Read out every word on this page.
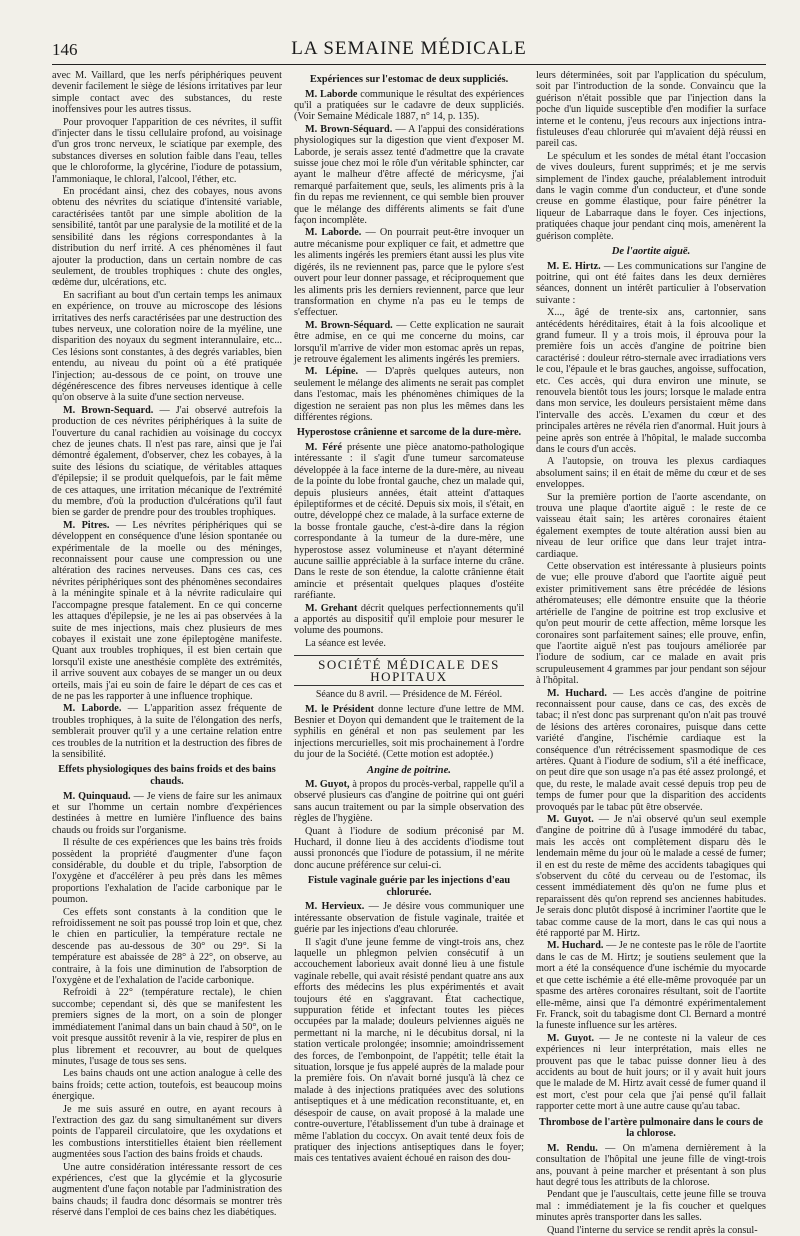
146	LA SEMAINE MÉDICALE

avec M. Vaillard, que les nerfs périphériques peuvent devenir facilement le siège de lésions irritatives par leur simple contact avec des substances, du reste inoffensives pour les autres tissus.

Pour provoquer l'apparition de ces névrites, il suffit d'injecter dans le tissu cellulaire profond, au voisinage d'un gros tronc nerveux, le sciatique par exemple, des substances diverses en solution faible dans l'eau, telles que le chloroforme, la glycérine, l'iodure de potassium, l'ammoniaque, le chloral, l'alcool, l'éther, etc.

En procédant ainsi, chez des cobayes, nous avons obtenu des névrites du sciatique d'intensité variable, caractérisées tantôt par une simple abolition de la sensibilité, tantôt par une paralysie de la motilité et de la sensibilité dans les régions correspondantes à la distribution du nerf irrité. A ces phénomènes il faut ajouter la production, dans un certain nombre de cas seulement, de troubles trophiques : chute des ongles, œdème dur, ulcérations, etc.

En sacrifiant au bout d'un certain temps les animaux en expérience, on trouve au microscope des lésions irritatives des nerfs caractérisées par une destruction des tubes nerveux, une coloration noire de la myéline, une disparition des noyaux du segment interannulaire, etc... Ces lésions sont constantes, à des degrés variables, bien entendu, au niveau du point où a été pratiquée l'injection; au-dessous de ce point, on trouve une dégénérescence des fibres nerveuses identique à celle qu'on observe à la suite d'une section nerveuse.

M. Brown-Sequard. — J'ai observé autrefois la production de ces névrites périphériques à la suite de l'ouverture du canal rachidien au voisinage du coccyx chez de jeunes chats. Il n'est pas rare, ainsi que je l'ai démontré également, d'observer, chez les cobayes, à la suite des lésions du sciatique, de véritables attaques d'épilepsie; il se produit quelquefois, par le fait même de ces attaques, une irritation mécanique de l'extrémité du membre, d'où la production d'ulcérations qu'il faut bien se garder de prendre pour des troubles trophiques.

M. Pitres. — Les névrites périphériques qui se développent en conséquence d'une lésion spontanée ou expérimentale de la moelle ou des méninges, reconnaissent pour cause une compression ou une altération des racines nerveuses. Dans ces cas, ces névrites périphériques sont des phénomènes secondaires à la méningite spinale et à la névrite radiculaire qui l'accompagne presque fatalement. En ce qui concerne les attaques d'épilepsie, je ne les ai pas observées à la suite de mes injections, mais chez plusieurs de mes cobayes il existait une zone épileptogène manifeste. Quant aux troubles trophiques, il est bien certain que lorsqu'il existe une anesthésie complète des extrémités, il arrive souvent aux cobayes de se manger un ou deux orteils, mais j'ai eu soin de faire le départ de ces cas et de ne pas les rapporter à une influence trophique.

M. Laborde. — L'apparition assez fréquente de troubles trophiques, à la suite de l'élongation des nerfs, semblerait prouver qu'il y a une certaine relation entre ces troubles de la nutrition et la destruction des fibres de la sensibilité.

Effets physiologiques des bains froids et des bains chauds.

M. Quinquaud. — Je viens de faire sur les animaux et sur l'homme un certain nombre d'expériences destinées à mettre en lumière l'influence des bains chauds ou froids sur l'organisme.

Il résulte de ces expériences que les bains très froids possèdent la propriété d'augmenter d'une façon considérable, du double et du triple, l'absorption de l'oxygène et d'accélérer à peu près dans les mêmes proportions l'exhalation de l'acide carbonique par le poumon.

Ces effets sont constants à la condition que le refroidissement ne soit pas poussé trop loin et que, chez le chien en particulier, la température rectale ne descende pas au-dessous de 30° ou 29°. Si la température est abaissée de 28° à 22°, on observe, au contraire, à la fois une diminution de l'absorption de l'oxygène et de l'exhalation de l'acide carbonique.

Refroidi à 22° (température rectale), le chien succombe; cependant si, dès que se manifestent les premiers signes de la mort, on a soin de plonger immédiatement l'animal dans un bain chaud à 50°, on le voit presque aussitôt revenir à la vie, respirer de plus en plus librement et recouvrer, au bout de quelques minutes, l'usage de tous ses sens.

Les bains chauds ont une action analogue à celle des bains froids; cette action, toutefois, est beaucoup moins énergique.

Je me suis assuré en outre, en ayant recours à l'extraction des gaz du sang simultanément sur divers points de l'appareil circulatoire, que les oxydations et les combustions interstitielles étaient bien réellement augmentées sous l'action des bains froids et chauds.

Une autre considération intéressante ressort de ces expériences, c'est que la glycémie et la glycosurie augmentent d'une façon notable par l'administration des bains chauds; il faudra donc désormais se montrer très réservé dans l'emploi de ces bains chez les diabétiques.

Expériences sur l'estomac de deux suppliciés.

M. Laborde communique le résultat des expériences qu'il a pratiquées sur le cadavre de deux suppliciés. (Voir Semaine Médicale 1887, n° 14, p. 135).

M. Brown-Séquard. — A l'appui des considérations physiologiques sur la digestion que vient d'exposer M. Laborde, je serais assez tenté d'admettre que la cravate suisse joue chez moi le rôle d'un véritable sphincter, car ayant le malheur d'être affecté de méricysme, j'ai remarqué parfaitement que, seuls, les aliments pris à la fin du repas me reviennent, ce qui semble bien prouver que le mélange des différents aliments se fait d'une façon incomplète.

M. Laborde. — On pourrait peut-être invoquer un autre mécanisme pour expliquer ce fait, et admettre que les aliments ingérés les premiers étant aussi les plus vite digérés, ils ne reviennent pas, parce que le pylore s'est ouvert pour leur donner passage, et réciproquement que les aliments pris les derniers reviennent, parce que leur transformation en chyme n'a pas eu le temps de s'effectuer.

M. Brown-Séquard. — Cette explication ne saurait être admise, en ce qui me concerne du moins, car lorsqu'il m'arrive de vider mon estomac après un repas, je retrouve également les aliments ingérés les premiers.

M. Lépine. — D'après quelques auteurs, non seulement le mélange des aliments ne serait pas complet dans l'estomac, mais les phénomènes chimiques de la digestion ne seraient pas non plus les mêmes dans les différentes régions.

Hyperostose crânienne et sarcome de la dure-mère.

M. Féré présente une pièce anatomo-pathologique intéressante : il s'agit d'une tumeur sarcomateuse développée à la face interne de la dure-mère, au niveau de la pointe du lobe frontal gauche, chez un malade qui, depuis plusieurs années, était atteint d'attaques épileptiformes et de cécité. Depuis six mois, il s'était, en outre, développé chez ce malade, à la surface externe de la bosse frontale gauche, c'est-à-dire dans la région correspondante à la tumeur de la dure-mère, une hyperostose assez volumineuse et n'ayant déterminé aucune saillie appréciable à la surface interne du crâne. Dans le reste de son étendue, la calotte crânienne était amincie et présentait quelques plaques d'ostéite raréfiante.

M. Grehant décrit quelques perfectionnements qu'il a apportés au dispositif qu'il emploie pour mesurer le volume des poumons.

La séance est levée.

SOCIÉTÉ MÉDICALE DES HOPITAUX
Séance du 8 avril. — Présidence de M. Féréol.

M. le Président donne lecture d'une lettre de MM. Besnier et Doyon qui demandent que le traitement de la syphilis en général et non pas seulement par les injections mercurielles, soit mis prochainement à l'ordre du jour de la Société. (Cette motion est adoptée.)

Angine de poitrine.

M. Guyot, à propos du procès-verbal, rappelle qu'il a observé plusieurs cas d'angine de poitrine qui ont guéri sans aucun traitement ou par la simple observation des règles de l'hygiène.

Quant à l'iodure de sodium préconisé par M. Huchard, il donne lieu à des accidents d'iodisme tout aussi prononcés que l'iodure de potassium, il ne mérite donc aucune préférence sur celui-ci.

Fistule vaginale guérie par les injections d'eau chlorurée.

M. Hervieux. — Je désire vous communiquer une intéressante observation de fistule vaginale, traitée et guérie par les injections d'eau chlorurée.

Il s'agit d'une jeune femme de vingt-trois ans, chez laquelle un phlegmon pelvien consécutif à un accouchement laborieux avait donné lieu à une fistule vaginale rebelle, qui avait résisté pendant quatre ans aux efforts des médecins les plus expérimentés et avait toujours été en s'aggravant. État cachectique, suppuration fétide et infectant toutes les pièces occupées par la malade; douleurs pelviennes aiguës ne permettant ni la marche, ni le décubitus dorsal, ni la station verticale prolongée; insomnie; amoindrissement des forces, de l'embonpoint, de l'appétit; telle était la situation, lorsque je fus appelé auprès de la malade pour la première fois. On n'avait borné jusqu'à là chez ce malade à des injections pratiquées avec des solutions antiseptiques et à une médication reconstituante, et, en désespoir de cause, on avait proposé à la malade une contre-ouverture, l'établissement d'un tube à drainage et même l'ablation du coccyx. On avait tenté deux fois de pratiquer des injections antiseptiques dans le foyer; mais ces tentatives avaient échoué en raison des dou-

leurs déterminées, soit par l'application du spéculum, soit par l'introduction de la sonde. Convaincu que la guérison n'était possible que par l'injection dans la poche d'un liquide susceptible d'en modifier la surface interne et le contenu, j'eus recours aux injections intra-fistuleuses d'eau chlorurée qui m'avaient déjà réussi en pareil cas.

Le spéculum et les sondes de métal étant l'occasion de vives douleurs, furent supprimés; et je me servis simplement de l'index gauche, préalablement introduit dans le vagin comme d'un conducteur, et d'une sonde creuse en gomme élastique, pour faire pénétrer la liqueur de Labarraque dans le foyer. Ces injections, pratiquées chaque jour pendant cinq mois, amenèrent la guérison complète.

De l'aortite aiguë.

M. E. Hirtz. — Les communications sur l'angine de poitrine, qui ont été faites dans les deux dernières séances, donnent un intérêt particulier à l'observation suivante :

X..., âgé de trente-six ans, cartonnier, sans antécédents héréditaires, était à la fois alcoolique et grand fumeur. Il y a trois mois, il éprouva pour la première fois un accès d'angine de poitrine bien caractérisé : douleur rétro-sternale avec irradiations vers le cou, l'épaule et le bras gauches, angoisse, suffocation, etc. Ces accès, qui dura environ une minute, se renouvela bientôt tous les jours; lorsque le malade entra dans mon service, les douleurs persistaient même dans l'intervalle des accès. L'examen du cœur et des principales artères ne révéla rien d'anormal. Huit jours à peine après son entrée à l'hôpital, le malade succomba dans le cours d'un accès.

A l'autopsie, on trouva les plexus cardiaques absolument sains; il en était de même du cœur et de ses enveloppes.

Sur la première portion de l'aorte ascendante, on trouva une plaque d'aortite aiguë : le reste de ce vaisseau était sain; les artères coronaires étaient également exemptes de toute altération aussi bien au niveau de leur orifice que dans leur trajet intra-cardiaque.

Cette observation est intéressante à plusieurs points de vue; elle prouve d'abord que l'aortite aiguë peut exister primitivement sans être précédée de lésions athéromateuses; elle démontre ensuite que la théorie artérielle de l'angine de poitrine est trop exclusive et qu'on peut mourir de cette affection, même lorsque les coronaires sont parfaitement saines; elle prouve, enfin, que l'aortite aiguë n'est pas toujours améliorée par l'iodure de sodium, car ce malade en avait pris scrupuleusement 4 grammes par jour pendant son séjour à l'hôpital.

M. Huchard. — Les accès d'angine de poitrine reconnaissent pour cause, dans ce cas, des excès de tabac; il n'est donc pas surprenant qu'on n'ait pas trouvé de lésions des artères coronaires, puisque dans cette variété d'angine, l'ischémie cardiaque est la conséquence d'un rétrécissement spasmodique de ces artères. Quant à l'iodure de sodium, s'il a été inefficace, on peut dire que son usage n'a pas été assez prolongé, et que, du reste, le malade avait cessé depuis trop peu de temps de fumer pour que la disparition des accidents provoqués par le tabac pût être observée.

M. Guyot. — Je n'ai observé qu'un seul exemple d'angine de poitrine dû à l'usage immodéré du tabac, mais les accès ont complètement disparu dès le lendemain même du jour où le malade a cessé de fumer; il en est du reste de même des accidents tabagiques qui s'observent du côté du cerveau ou de l'estomac, ils cessent immédiatement dès qu'on ne fume plus et reparaissent dès qu'on reprend ses anciennes habitudes. Je serais donc plutôt disposé à incriminer l'aortite que le tabac comme cause de la mort, dans le cas qui nous a été rapporté par M. Hirtz.

M. Huchard. — Je ne conteste pas le rôle de l'aortite dans le cas de M. Hirtz; je soutiens seulement que la mort a été la conséquence d'une ischémie du myocarde et que cette ischémie a été elle-même provoquée par un spasme des artères coronaires résultant, soit de l'aortite elle-même, ainsi que l'a démontré expérimentalement Fr. Franck, soit du tabagisme dont Cl. Bernard a montré la funeste influence sur les artères.

M. Guyot. — Je ne conteste ni la valeur de ces expériences ni leur interprétation, mais elles ne prouvent pas que le tabac puisse donner lieu à des accidents au bout de huit jours; or il y avait huit jours que le malade de M. Hirtz avait cessé de fumer quand il est mort, c'est pour cela que j'ai pensé qu'il fallait rapporter cette mort à une autre cause qu'au tabac.

Thrombose de l'artère pulmonaire dans le cours de la chlorose.

M. Rendu. — On m'amena dernièrement à la consultation de l'hôpital une jeune fille de vingt-trois ans, pouvant à peine marcher et présentant à son plus haut degré tous les attributs de la chlorose.

Pendant que je l'auscultais, cette jeune fille se trouva mal : immédiatement je la fis coucher et quelques minutes après transporter dans les salles.

Quand l'interne du service se rendit après la consul-
